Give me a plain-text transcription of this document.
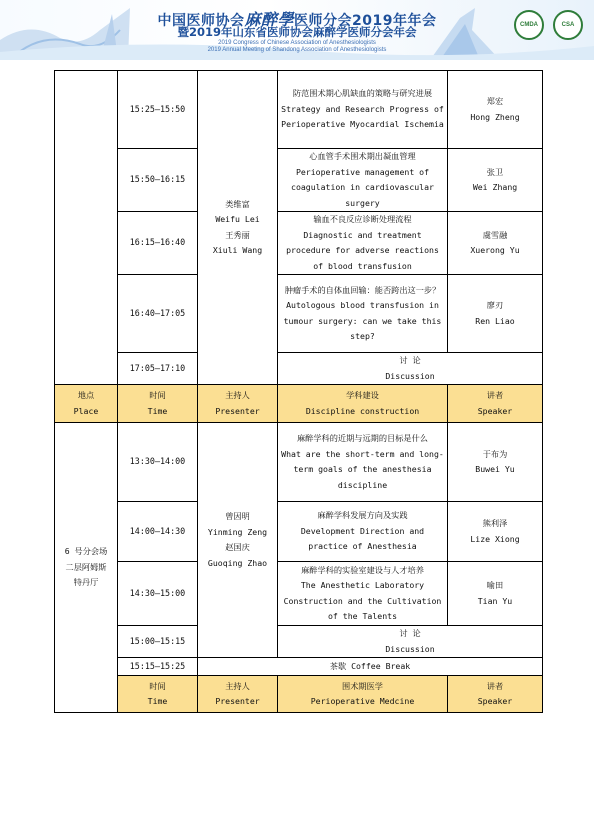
中国医师协会麻醉學医师分会2019年年会
暨2019年山东省医师协会麻醉学医师分会年会
2019 Congress of Chinese Association of Anesthesiologists
2019 Annual Meeting of Shandong Association of Anesthesiologists
CMDA	CSA
	15:25–15:50	类维富
Weifu Lei
王秀丽
Xiuli Wang	防范围术期心肌缺血的策略与研究进展
Strategy and Research Progress of Perioperative Myocardial Ischemia	郑宏
Hong Zheng

	15:50–16:15		心血管手术围术期出凝血管理
Perioperative management of coagulation in cardiovascular surgery	张卫
Wei Zhang

	16:15–16:40		输血不良反应诊断处理流程
Diagnostic and treatment procedure for adverse reactions of blood transfusion	虞雪融
Xuerong Yu

	16:40–17:05		肿瘤手术的自体血回输：能否跨出这一步？
Autologous blood transfusion in tumour surgery: can we take this step?	廖刃
Ren Liao

	17:05–17:10		讨 论
Discussion	

地点
Place	时间
Time	主持人
Presenter	学科建设
Discipline construction	讲者
Speaker

6 号分会场
二层阿姆斯
特丹厅	13:30–14:00	曾因明
Yinming Zeng
赵国庆
Guoqing Zhao	麻醉学科的近期与远期的目标是什么
What are the short-term and long-term goals of the anesthesia discipline	于布为
Buwei Yu

	14:00–14:30		麻醉学科发展方向及实践
Development Direction and practice of Anesthesia	熊利泽
Lize Xiong

	14:30–15:00		麻醉学科的实验室建设与人才培养
The Anesthetic Laboratory Construction and the Cultivation of the Talents	喻田
Tian Yu

	15:00–15:15		讨 论
Discussion	

	15:15–15:25	茶歇 Coffee Break		

	时间
Time	主持人
Presenter	围术期医学
Perioperative Medcine	讲者
Speaker
